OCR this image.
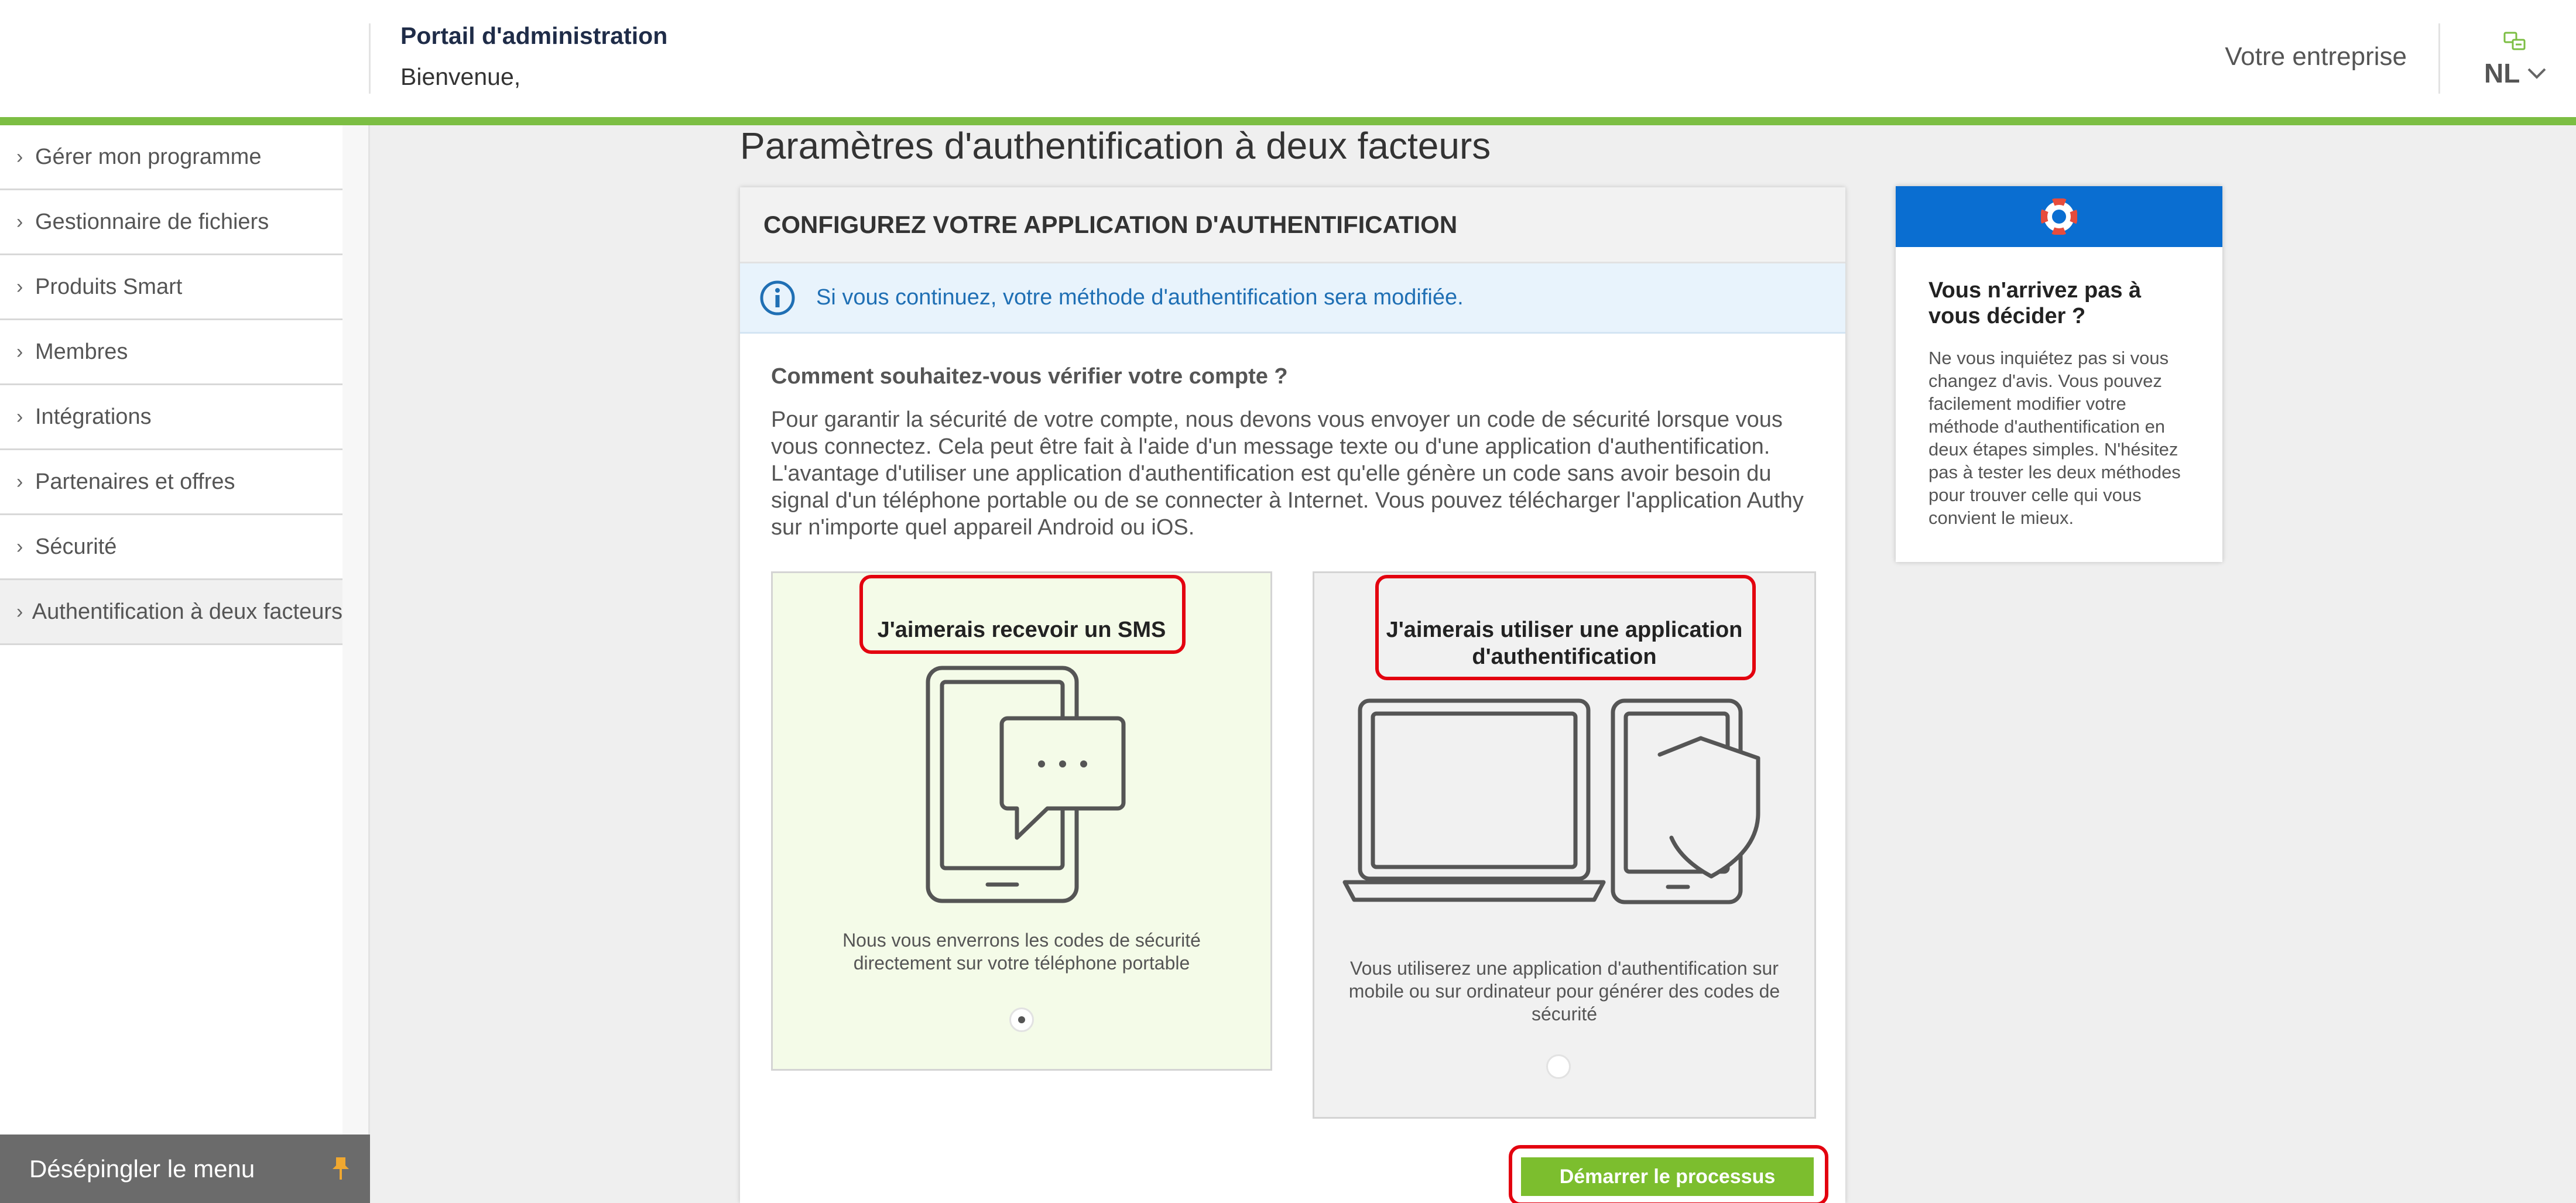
Portail d'administration
Bienvenue,
Votre entreprise
NL
› Gérer mon programme
› Gestionnaire de fichiers
› Produits Smart
› Membres
› Intégrations
› Partenaires et offres
› Sécurité
› Authentification à deux facteurs
Désépingler le menu
Paramètres d'authentification à deux facteurs
CONFIGUREZ VOTRE APPLICATION D'AUTHENTIFICATION
Si vous continuez, votre méthode d'authentification sera modifiée.
Comment souhaitez-vous vérifier votre compte ?

Pour garantir la sécurité de votre compte, nous devons vous envoyer un code de sécurité lorsque vous vous connectez. Cela peut être fait à l'aide d'un message texte ou d'une application d'authentification. L'avantage d'utiliser une application d'authentification est qu'elle génère un code sans avoir besoin du signal d'un téléphone portable ou de se connecter à Internet. Vous pouvez télécharger l'application Authy sur n'importe quel appareil Android ou iOS.

J'aimerais recevoir un SMS
Nous vous enverrons les codes de sécurité directement sur votre téléphone portable
J'aimerais utiliser une application d'authentification
Vous utiliserez une application d'authentification sur mobile ou sur ordinateur pour générer des codes de sécurité
Démarrer le processus
Vous n'arrivez pas à vous décider ?

Ne vous inquiétez pas si vous changez d'avis. Vous pouvez facilement modifier votre méthode d'authentification en deux étapes simples. N'hésitez pas à tester les deux méthodes pour trouver celle qui vous convient le mieux.
